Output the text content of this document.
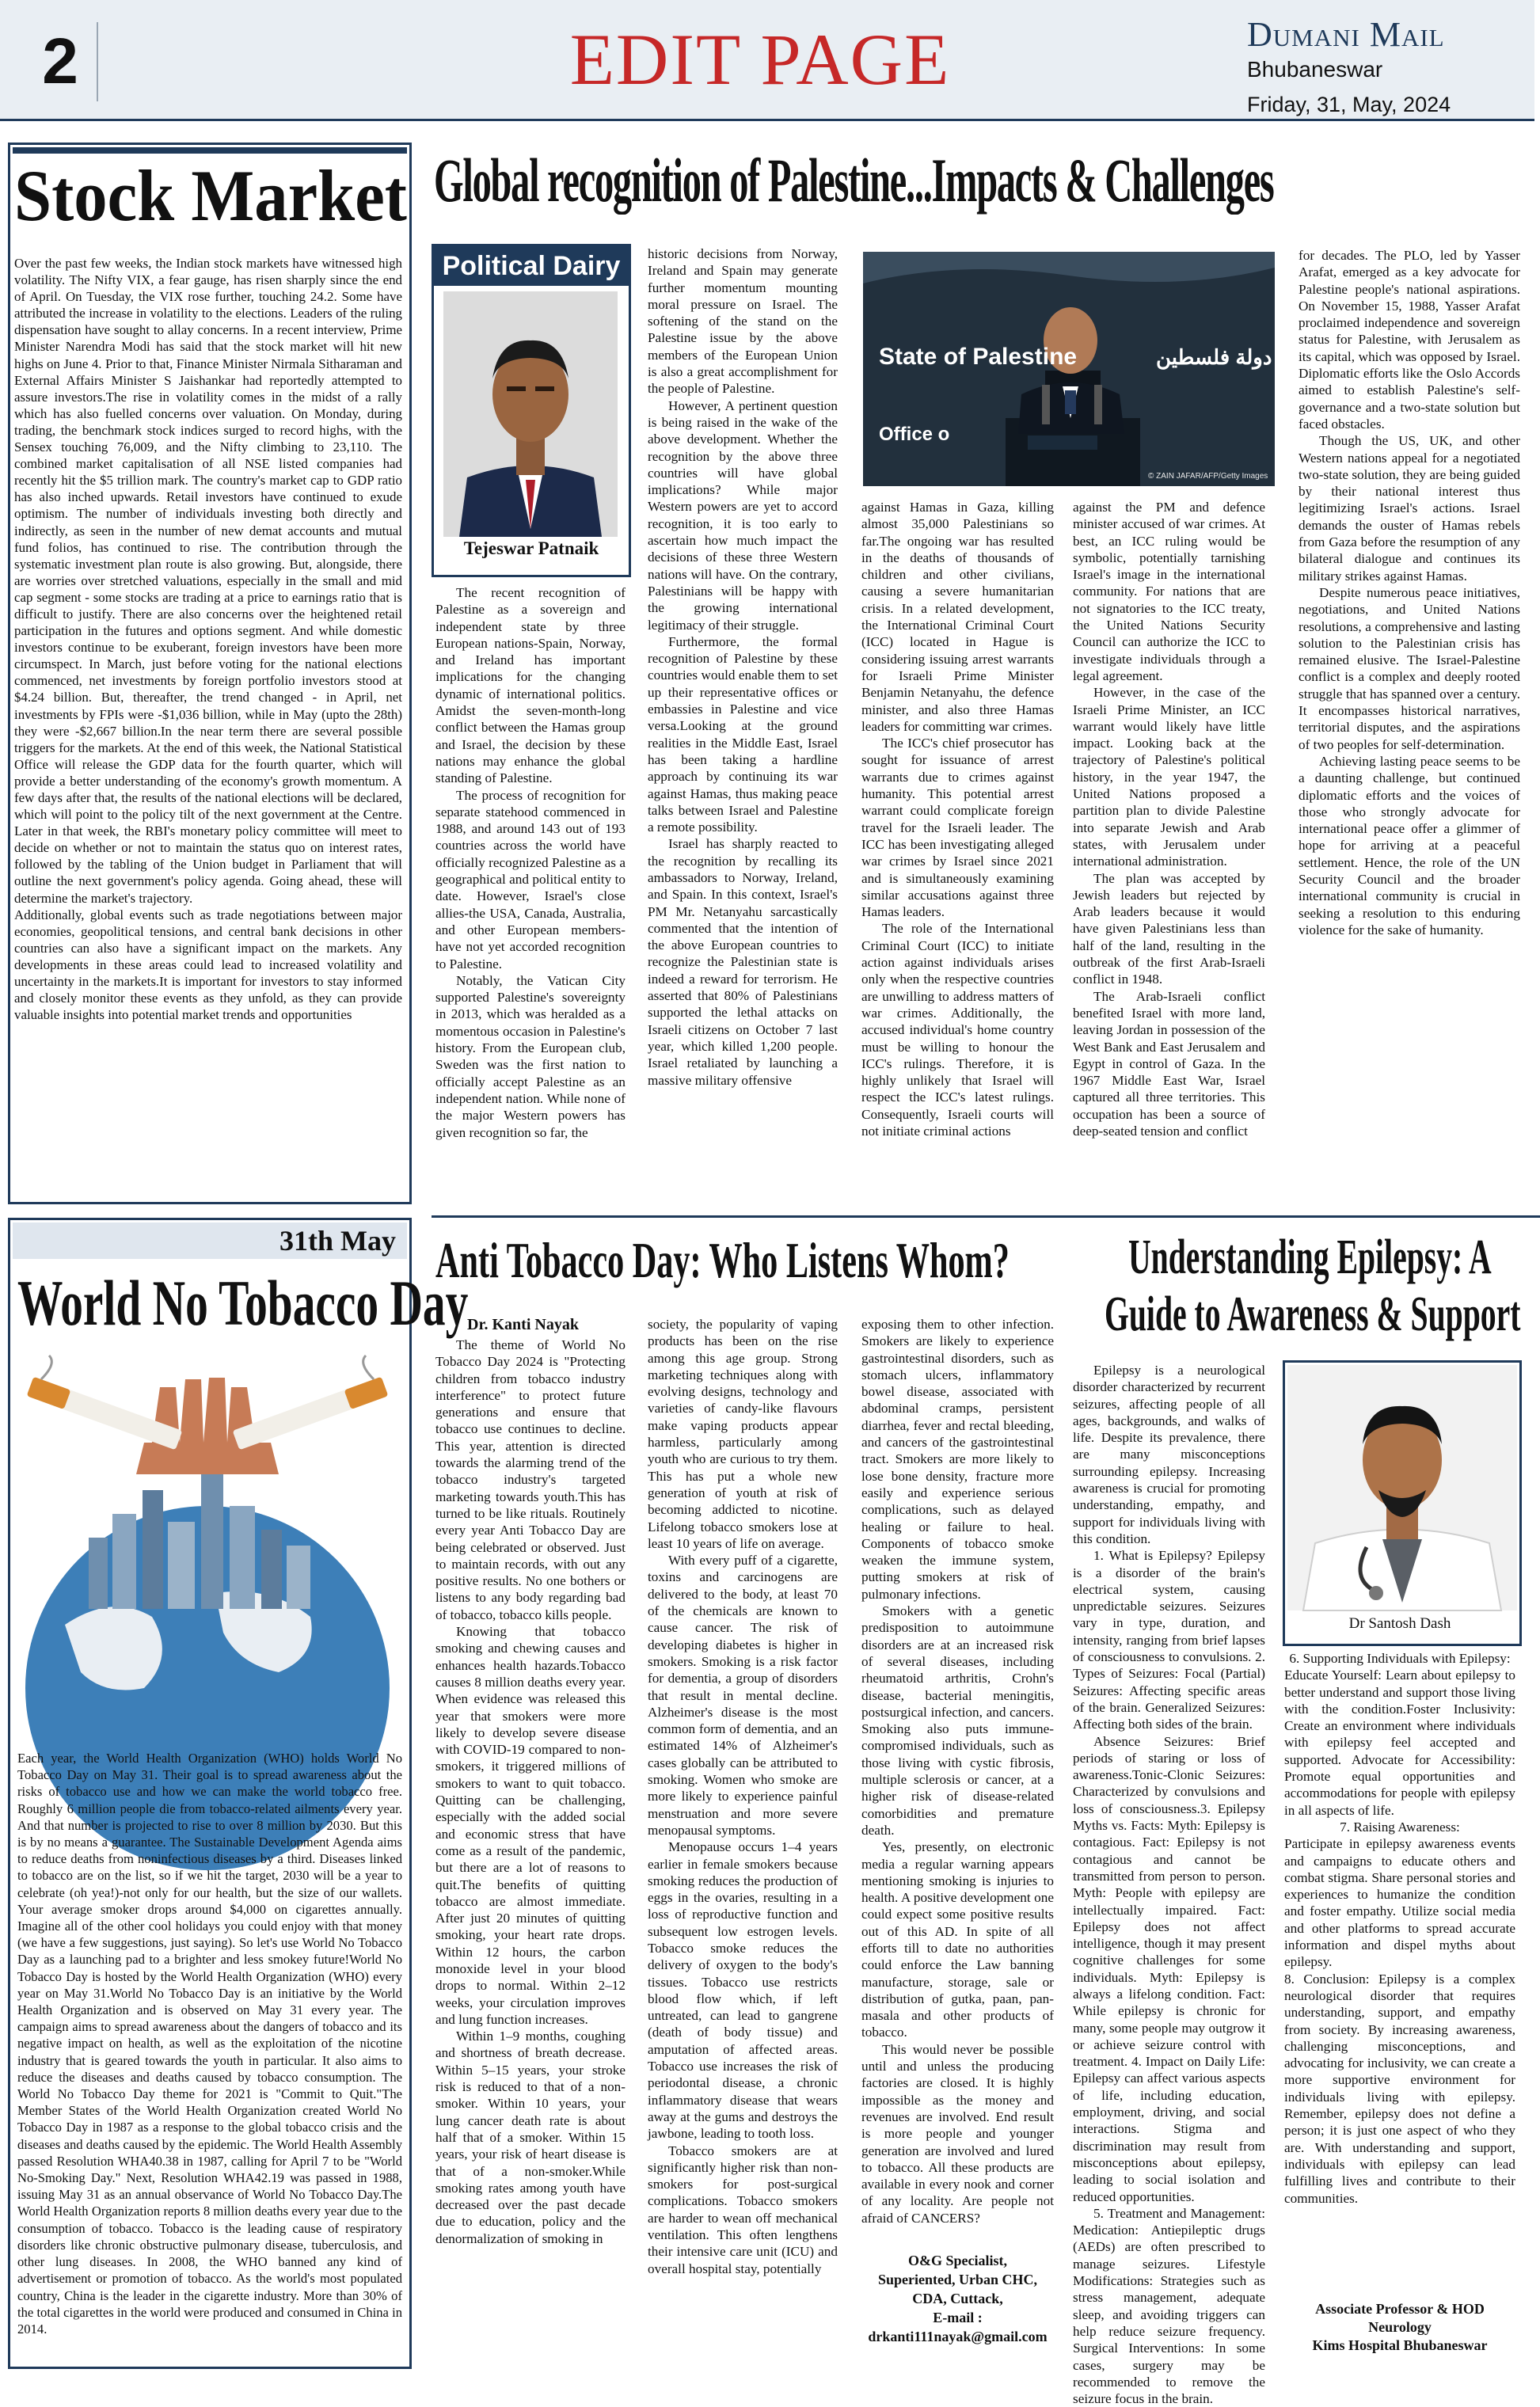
2	EDIT PAGE	Dumani Mail
Bhubaneswar
Friday, 31, May, 2024
Stock Market

Over the past few weeks, the Indian stock markets have witnessed high volatility. The Nifty VIX, a fear gauge, has risen sharply since the end of April. On Tuesday, the VIX rose further, touching 24.2. Some have attributed the increase in volatility to the elections. Leaders of the ruling dispensation have sought to allay concerns. In a recent interview, Prime Minister Narendra Modi has said that the stock market will hit new highs on June 4. Prior to that, Finance Minister Nirmala Sitharaman and External Affairs Minister S Jaishankar had reportedly attempted to assure investors.The rise in volatility comes in the midst of a rally which has also fuelled concerns over valuation. On Monday, during trading, the benchmark stock indices surged to record highs, with the Sensex touching 76,009, and the Nifty climbing to 23,110. The combined market capitalisation of all NSE listed companies had recently hit the $5 trillion mark. The country's market cap to GDP ratio has also inched upwards. Retail investors have continued to exude optimism. The number of individuals investing both directly and indirectly, as seen in the number of new demat accounts and mutual fund folios, has continued to rise. The contribution through the systematic investment plan route is also growing. But, alongside, there are worries over stretched valuations, especially in the small and mid cap segment - some stocks are trading at a price to earnings ratio that is difficult to justify. There are also concerns over the heightened retail participation in the futures and options segment. And while domestic investors continue to be exuberant, foreign investors have been more circumspect. In March, just before voting for the national elections commenced, net investments by foreign portfolio investors stood at $4.24 billion. But, thereafter, the trend changed - in April, net investments by FPIs were -$1,036 billion, while in May (upto the 28th) they were -$2,667 billion.In the near term there are several possible triggers for the markets. At the end of this week, the National Statistical Office will release the GDP data for the fourth quarter, which will provide a better understanding of the economy's growth momentum. A few days after that, the results of the national elections will be declared, which will point to the policy tilt of the next government at the Centre. Later in that week, the RBI's monetary policy committee will meet to decide on whether or not to maintain the status quo on interest rates, followed by the tabling of the Union budget in Parliament that will outline the next government's policy agenda. Going ahead, these will determine the market's trajectory.

Additionally, global events such as trade negotiations between major economies, geopolitical tensions, and central bank decisions in other countries can also have a significant impact on the markets. Any developments in these areas could lead to increased volatility and uncertainty in the markets.It is important for investors to stay informed and closely monitor these events as they unfold, as they can provide valuable insights into potential market trends and opportunities

Global recognition of Palestine...Impacts & Challenges
Political Dairy
Tejeswar Patnaik

The recent recognition of Palestine as a sovereign and independent state by three European nations-Spain, Norway, and Ireland has important implications for the changing dynamic of international politics. Amidst the seven-month-long conflict between the Hamas group and Israel, the decision by these nations may enhance the global standing of Palestine.

The process of recognition for separate statehood commenced in 1988, and around 143 out of 193 countries across the world have officially recognized Palestine as a geographical and political entity to date. However, Israel's close allies-the USA, Canada, Australia, and other European members-have not yet accorded recognition to Palestine.

Notably, the Vatican City supported Palestine's sovereignty in 2013, which was heralded as a momentous occasion in Palestine's history. From the European club, Sweden was the first nation to officially accept Palestine as an independent nation. While none of the major Western powers has given recognition so far, the

historic decisions from Norway, Ireland and Spain may generate further momentum mounting moral pressure on Israel. The softening of the stand on the Palestine issue by the above members of the European Union is also a great accomplishment for the people of Palestine.

However, A pertinent question is being raised in the wake of the above development. Whether the recognition by the above three countries will have global implications? While major Western powers are yet to accord recognition, it is too early to ascertain how much impact the decisions of these three Western nations will have. On the contrary, Palestinians will be happy with the growing international legitimacy of their struggle.

Furthermore, the formal recognition of Palestine by these countries would enable them to set up their representative offices or embassies in Palestine and vice versa.Looking at the ground realities in the Middle East, Israel has been taking a hardline approach by continuing its war against Hamas, thus making peace talks between Israel and Palestine a remote possibility.

Israel has sharply reacted to the recognition by recalling its ambassadors to Norway, Ireland, and Spain. In this context, Israel's PM Mr. Netanyahu sarcastically commented that the intention of the above European countries to recognize the Palestinian state is indeed a reward for terrorism. He asserted that 80% of Palestinians supported the lethal attacks on Israeli citizens on October 7 last year, which killed 1,200 people. Israel retaliated by launching a massive military offensive

State of Palestine	دولة فلسطين
Office o
© ZAIN JAFAR/AFP/Getty Images

against Hamas in Gaza, killing almost 35,000 Palestinians so far.The ongoing war has resulted in the deaths of thousands of children and other civilians, causing a severe humanitarian crisis. In a related development, the International Criminal Court (ICC) located in Hague is considering issuing arrest warrants for Israeli Prime Minister Benjamin Netanyahu, the defence minister, and also three Hamas leaders for committing war crimes.

The ICC's chief prosecutor has sought for issuance of arrest warrants due to crimes against humanity. This potential arrest warrant could complicate foreign travel for the Israeli leader. The ICC has been investigating alleged war crimes by Israel since 2021 and is simultaneously examining similar accusations against three Hamas leaders.

The role of the International Criminal Court (ICC) to initiate action against individuals arises only when the respective countries are unwilling to address matters of war crimes. Additionally, the accused individual's home country must be willing to honour the ICC's rulings. Therefore, it is highly unlikely that Israel will respect the ICC's latest rulings. Consequently, Israeli courts will not initiate criminal actions

against the PM and defence minister accused of war crimes. At best, an ICC ruling would be symbolic, potentially tarnishing Israel's image in the international community. For nations that are not signatories to the ICC treaty, the United Nations Security Council can authorize the ICC to investigate individuals through a legal agreement.

However, in the case of the Israeli Prime Minister, an ICC warrant would likely have little impact. Looking back at the trajectory of Palestine's political history, in the year 1947, the United Nations proposed a partition plan to divide Palestine into separate Jewish and Arab states, with Jerusalem under international administration.

The plan was accepted by Jewish leaders but rejected by Arab leaders because it would have given Palestinians less than half of the land, resulting in the outbreak of the first Arab-Israeli conflict in 1948.

The Arab-Israeli conflict benefited Israel with more land, leaving Jordan in possession of the West Bank and East Jerusalem and Egypt in control of Gaza. In the 1967 Middle East War, Israel captured all three territories. This occupation has been a source of deep-seated tension and conflict

for decades. The PLO, led by Yasser Arafat, emerged as a key advocate for Palestine people's national aspirations. On November 15, 1988, Yasser Arafat proclaimed independence and sovereign status for Palestine, with Jerusalem as its capital, which was opposed by Israel. Diplomatic efforts like the Oslo Accords aimed to establish Palestine's self-governance and a two-state solution but faced obstacles.

Though the US, UK, and other Western nations appeal for a negotiated two-state solution, they are being guided by their national interest thus legitimizing Israel's actions. Israel demands the ouster of Hamas rebels from Gaza before the resumption of any bilateral dialogue and continues its military strikes against Hamas.

Despite numerous peace initiatives, negotiations, and United Nations resolutions, a comprehensive and lasting solution to the Palestinian crisis has remained elusive. The Israel-Palestine conflict is a complex and deeply rooted struggle that has spanned over a century. It encompasses historical narratives, territorial disputes, and the aspirations of two peoples for self-determination.

Achieving lasting peace seems to be a daunting challenge, but continued diplomatic efforts and the voices of those who strongly advocate for international peace offer a glimmer of hope for arriving at a peaceful settlement. Hence, the role of the UN Security Council and the broader international community is crucial in seeking a resolution to this enduring violence for the sake of humanity.

31th May
World No Tobacco Day

Each year, the World Health Organization (WHO) holds World No Tobacco Day on May 31. Their goal is to spread awareness about the risks of tobacco use and how we can make the world tobacco free. Roughly 6 million people die from tobacco-related ailments every year. And that number is projected to rise to over 8 million by 2030. But this is by no means a guarantee. The Sustainable Development Agenda aims to reduce deaths from noninfectious diseases by a third. Diseases linked to tobacco are on the list, so if we hit the target, 2030 will be a year to celebrate (oh yea!)-not only for our health, but the size of our wallets. Your average smoker drops around $4,000 on cigarettes annually. Imagine all of the other cool holidays you could enjoy with that money (we have a few suggestions, just saying). So let's use World No Tobacco Day as a launching pad to a brighter and less smokey future!World No Tobacco Day is hosted by the World Health Organization (WHO) every year on May 31.World No Tobacco Day is an initiative by the World Health Organization and is observed on May 31 every year. The campaign aims to spread awareness about the dangers of tobacco and its negative impact on health, as well as the exploitation of the nicotine industry that is geared towards the youth in particular. It also aims to reduce the diseases and deaths caused by tobacco consumption. The World No Tobacco Day theme for 2021 is "Commit to Quit."The Member States of the World Health Organization created World No Tobacco Day in 1987 as a response to the global tobacco crisis and the diseases and deaths caused by the epidemic. The World Health Assembly passed Resolution WHA40.38 in 1987, calling for April 7 to be "World No-Smoking Day." Next, Resolution WHA42.19 was passed in 1988, issuing May 31 as an annual observance of World No Tobacco Day.The World Health Organization reports 8 million deaths every year due to the consumption of tobacco. Tobacco is the leading cause of respiratory disorders like chronic obstructive pulmonary disease, tuberculosis, and other lung diseases. In 2008, the WHO banned any kind of advertisement or promotion of tobacco. As the world's most populated country, China is the leader in the cigarette industry. More than 30% of the total cigarettes in the world were produced and consumed in China in 2014.

Anti Tobacco Day: Who Listens Whom?
Dr. Kanti Nayak

The theme of World No Tobacco Day 2024 is "Protecting children from tobacco industry interference" to protect future generations and ensure that tobacco use continues to decline. This year, attention is directed towards the alarming trend of the tobacco industry's targeted marketing towards youth.This has turned to be like rituals. Routinely every year Anti Tobacco Day are being celebrated or observed. Just to maintain records, with out any positive results. No one bothers or listens to any body regarding bad of tobacco, tobacco kills people.

Knowing that tobacco smoking and chewing causes and enhances health hazards.Tobacco causes 8 million deaths every year. When evidence was released this year that smokers were more likely to develop severe disease with COVID-19 compared to non-smokers, it triggered millions of smokers to want to quit tobacco. Quitting can be challenging, especially with the added social and economic stress that have come as a result of the pandemic, but there are a lot of reasons to quit.The benefits of quitting tobacco are almost immediate. After just 20 minutes of quitting smoking, your heart rate drops. Within 12 hours, the carbon monoxide level in your blood drops to normal. Within 2–12 weeks, your circulation improves and lung function increases.

Within 1–9 months, coughing and shortness of breath decrease. Within 5–15 years, your stroke risk is reduced to that of a non-smoker. Within 10 years, your lung cancer death rate is about half that of a smoker. Within 15 years, your risk of heart disease is that of a non-smoker.While smoking rates among youth have decreased over the past decade due to education, policy and the denormalization of smoking in

society, the popularity of vaping products has been on the rise among this age group. Strong marketing techniques along with evolving designs, technology and varieties of candy-like flavours make vaping products appear harmless, particularly among youth who are curious to try them. This has put a whole new generation of youth at risk of becoming addicted to nicotine. Lifelong tobacco smokers lose at least 10 years of life on average.

With every puff of a cigarette, toxins and carcinogens are delivered to the body, at least 70 of the chemicals are known to cause cancer. The risk of developing diabetes is higher in smokers. Smoking is a risk factor for dementia, a group of disorders that result in mental decline. Alzheimer's disease is the most common form of dementia, and an estimated 14% of Alzheimer's cases globally can be attributed to smoking. Women who smoke are more likely to experience painful menstruation and more severe menopausal symptoms.

Menopause occurs 1–4 years earlier in female smokers because smoking reduces the production of eggs in the ovaries, resulting in a loss of reproductive function and subsequent low estrogen levels. Tobacco smoke reduces the delivery of oxygen to the body's tissues. Tobacco use restricts blood flow which, if left untreated, can lead to gangrene (death of body tissue) and amputation of affected areas. Tobacco use increases the risk of periodontal disease, a chronic inflammatory disease that wears away at the gums and destroys the jawbone, leading to tooth loss.

Tobacco smokers are at significantly higher risk than non-smokers for post-surgical complications. Tobacco smokers are harder to wean off mechanical ventilation. This often lengthens their intensive care unit (ICU) and overall hospital stay, potentially

exposing them to other infection. Smokers are likely to experience gastrointestinal disorders, such as stomach ulcers, inflammatory bowel disease, associated with abdominal cramps, persistent diarrhea, fever and rectal bleeding, and cancers of the gastrointestinal tract. Smokers are more likely to lose bone density, fracture more easily and experience serious complications, such as delayed healing or failure to heal. Components of tobacco smoke weaken the immune system, putting smokers at risk of pulmonary infections.

Smokers with a genetic predisposition to autoimmune disorders are at an increased risk of several diseases, including rheumatoid arthritis, Crohn's disease, bacterial meningitis, postsurgical infection, and cancers. Smoking also puts immune-compromised individuals, such as those living with cystic fibrosis, multiple sclerosis or cancer, at a higher risk of disease-related comorbidities and premature death.

Yes, presently, on electronic media a regular warning appears mentioning smoking is injuries to health. A positive development one could expect some positive results out of this AD. In spite of all efforts till to date no authorities could enforce the Law banning manufacture, storage, sale or distribution of gutka, paan, pan-masala and other products of tobacco.

This would never be possible until and unless the producing factories are closed. It is highly impossible as the money and revenues are involved. End result is more people and younger generation are involved and lured to tobacco. All these products are available in every nook and corner of any locality. Are people not afraid of CANCERS?

O&G Specialist,
Superiented, Urban CHC,
CDA, Cuttack,
E-mail :
drkanti111nayak@gmail.com
Understanding Epilepsy: A
Guide to Awareness & Support

Epilepsy is a neurological disorder characterized by recurrent seizures, affecting people of all ages, backgrounds, and walks of life. Despite its prevalence, there are many misconceptions surrounding epilepsy. Increasing awareness is crucial for promoting understanding, empathy, and support for individuals living with this condition.

1. What is Epilepsy? Epilepsy is a disorder of the brain's electrical system, causing unpredictable seizures. Seizures vary in type, duration, and intensity, ranging from brief lapses of consciousness to convulsions. 2. Types of Seizures: Focal (Partial) Seizures: Affecting specific areas of the brain. Generalized Seizures: Affecting both sides of the brain.

Absence Seizures: Brief periods of staring or loss of awareness.Tonic-Clonic Seizures: Characterized by convulsions and loss of consciousness.3. Epilepsy Myths vs. Facts: Myth: Epilepsy is contagious. Fact: Epilepsy is not contagious and cannot be transmitted from person to person. Myth: People with epilepsy are intellectually impaired. Fact: Epilepsy does not affect intelligence, though it may present cognitive challenges for some individuals. Myth: Epilepsy is always a lifelong condition. Fact: While epilepsy is chronic for many, some people may outgrow it or achieve seizure control with treatment. 4. Impact on Daily Life: Epilepsy can affect various aspects of life, including education, employment, driving, and social interactions. Stigma and discrimination may result from misconceptions about epilepsy, leading to social isolation and reduced opportunities.

5. Treatment and Management: Medication: Antiepileptic drugs (AEDs) are often prescribed to manage seizures. Lifestyle Modifications: Strategies such as stress management, adequate sleep, and avoiding triggers can help reduce seizure frequency. Surgical Interventions: In some cases, surgery may be recommended to remove the seizure focus in the brain.

Dr Santosh Dash

6. Supporting Individuals with Epilepsy:

Educate Yourself: Learn about epilepsy to better understand and support those living with the condition.Foster Inclusivity: Create an environment where individuals with epilepsy feel accepted and supported. Advocate for Accessibility: Promote equal opportunities and accommodations for people with epilepsy in all aspects of life.

7. Raising Awareness:

Participate in epilepsy awareness events and campaigns to educate others and combat stigma. Share personal stories and experiences to humanize the condition and foster empathy. Utilize social media and other platforms to spread accurate information and dispel myths about epilepsy.

8. Conclusion: Epilepsy is a complex neurological disorder that requires understanding, support, and empathy from society. By increasing awareness, challenging misconceptions, and advocating for inclusivity, we can create a more supportive environment for individuals living with epilepsy. Remember, epilepsy does not define a person; it is just one aspect of who they are. With understanding and support, individuals with epilepsy can lead fulfilling lives and contribute to their communities.

Associate Professor & HOD
Neurology
Kims Hospital Bhubaneswar
